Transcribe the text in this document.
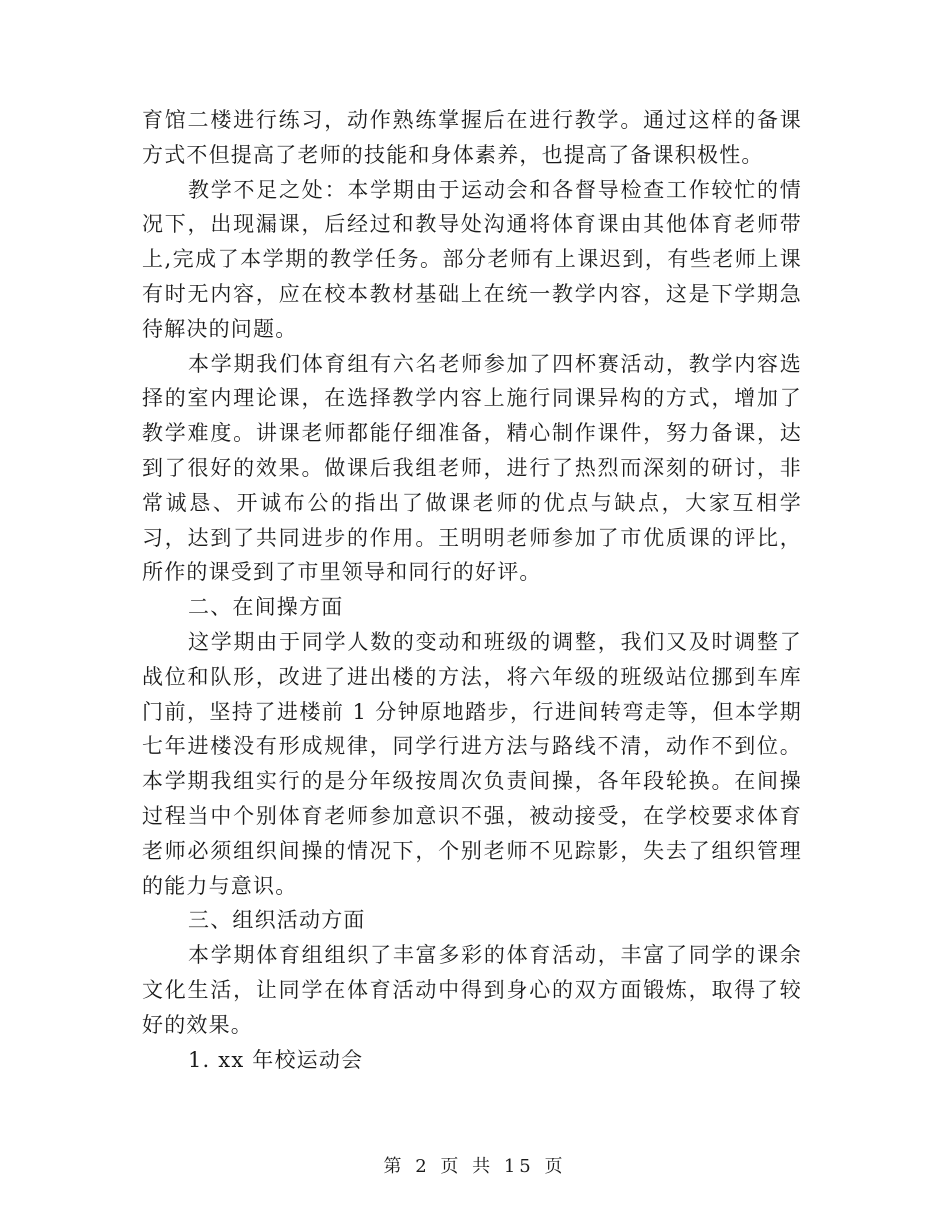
育馆二楼进行练习，动作熟练掌握后在进行教学。通过这样的备课方式不但提高了老师的技能和身体素养，也提高了备课积极性。

教学不足之处：本学期由于运动会和各督导检查工作较忙的情况下，出现漏课，后经过和教导处沟通将体育课由其他体育老师带上,完成了本学期的教学任务。部分老师有上课迟到，有些老师上课有时无内容，应在校本教材基础上在统一教学内容，这是下学期急待解决的问题。

本学期我们体育组有六名老师参加了四杯赛活动，教学内容选择的室内理论课，在选择教学内容上施行同课异构的方式，增加了教学难度。讲课老师都能仔细准备，精心制作课件，努力备课，达到了很好的效果。做课后我组老师，进行了热烈而深刻的研讨，非常诚恳、开诚布公的指出了做课老师的优点与缺点，大家互相学习，达到了共同进步的作用。王明明老师参加了市优质课的评比，所作的课受到了市里领导和同行的好评。

二、在间操方面

这学期由于同学人数的变动和班级的调整，我们又及时调整了战位和队形，改进了进出楼的方法，将六年级的班级站位挪到车库门前，坚持了进楼前 1 分钟原地踏步，行进间转弯走等，但本学期七年进楼没有形成规律，同学行进方法与路线不清，动作不到位。本学期我组实行的是分年级按周次负责间操，各年段轮换。在间操过程当中个别体育老师参加意识不强，被动接受，在学校要求体育老师必须组织间操的情况下，个别老师不见踪影，失去了组织管理的能力与意识。

三、组织活动方面

本学期体育组组织了丰富多彩的体育活动，丰富了同学的课余文化生活，让同学在体育活动中得到身心的双方面锻炼，取得了较好的效果。

1. xx 年校运动会

第 2 页 共 15 页
